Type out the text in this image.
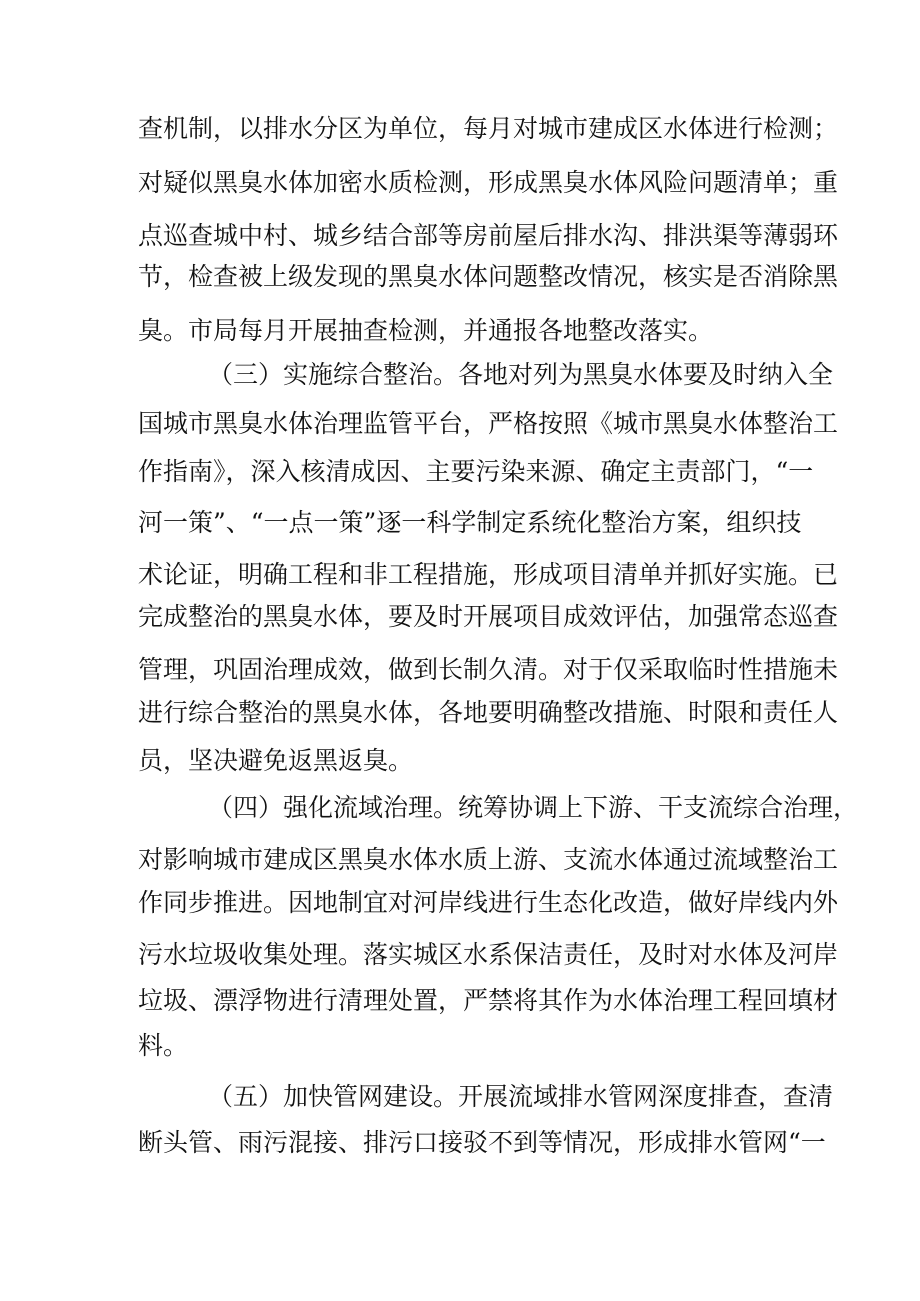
查机制，以排水分区为单位，每月对城市建成区水体进行检测；

对疑似黑臭水体加密水质检测，形成黑臭水体风险问题清单；重

点巡查城中村、城乡结合部等房前屋后排水沟、排洪渠等薄弱环

节，检查被上级发现的黑臭水体问题整改情况，核实是否消除黑

臭。市局每月开展抽查检测，并通报各地整改落实。

（三）实施综合整治。各地对列为黑臭水体要及时纳入全

国城市黑臭水体治理监管平台，严格按照《城市黑臭水体整治工

作指南》，深入核清成因、主要污染来源、确定主责部门，“一

河一策”、“一点一策”逐一科学制定系统化整治方案，组织技

术论证，明确工程和非工程措施，形成项目清单并抓好实施。已

完成整治的黑臭水体，要及时开展项目成效评估，加强常态巡查

管理，巩固治理成效，做到长制久清。对于仅采取临时性措施未

进行综合整治的黑臭水体，各地要明确整改措施、时限和责任人

员，坚决避免返黑返臭。

（四）强化流域治理。统筹协调上下游、干支流综合治理，

对影响城市建成区黑臭水体水质上游、支流水体通过流域整治工

作同步推进。因地制宜对河岸线进行生态化改造，做好岸线内外

污水垃圾收集处理。落实城区水系保洁责任，及时对水体及河岸

垃圾、漂浮物进行清理处置，严禁将其作为水体治理工程回填材

料。

（五）加快管网建设。开展流域排水管网深度排查，查清

断头管、雨污混接、排污口接驳不到等情况，形成排水管网“一
